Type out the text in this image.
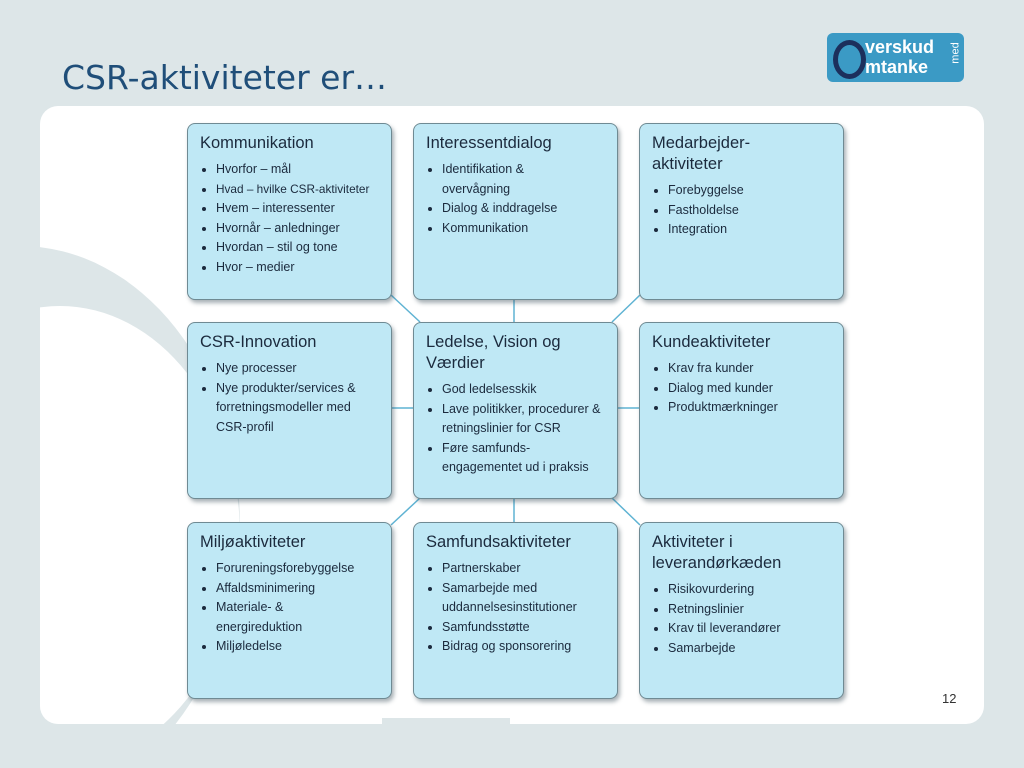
CSR-aktiviteter er…
verskud
mtanke
med
Kommunikation
• Hvorfor – mål
• Hvad – hvilke CSR-aktiviteter
• Hvem – interessenter
• Hvornår – anledninger
• Hvordan – stil og tone
• Hvor – medier
Interessentdialog
• Identifikation & overvågning
• Dialog & inddragelse
• Kommunikation
Medarbejder-aktiviteter
• Forebyggelse
• Fastholdelse
• Integration
CSR-Innovation
• Nye processer
• Nye produkter/services & forretningsmodeller med CSR-profil
Ledelse, Vision og Værdier
• God ledelsesskik
• Lave politikker, procedurer & retningslinier for CSR
• Føre samfunds-engagementet ud i praksis
Kundeaktiviteter
• Krav fra kunder
• Dialog med kunder
• Produktmærkninger
Miljøaktiviteter
• Forureningsforebyggelse
• Affaldsminimering
• Materiale- & energireduktion
• Miljøledelse
Samfundsaktiviteter
• Partnerskaber
• Samarbejde med uddannelsesinstitutioner
• Samfundsstøtte
• Bidrag og sponsorering
Aktiviteter i leverandørkæden
• Risikovurdering
• Retningslinier
• Krav til leverandører
• Samarbejde
12
